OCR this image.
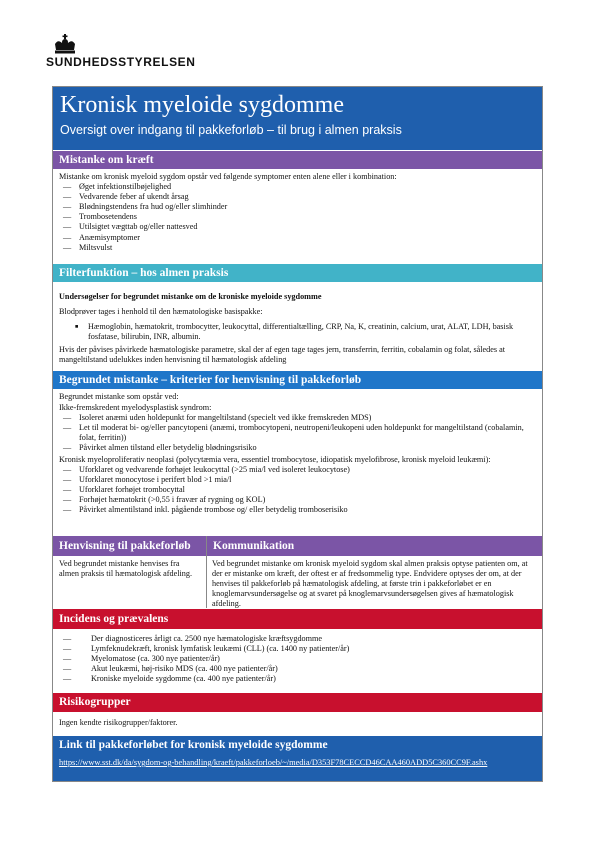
SUNDHEDSSTYRELSEN
Kronisk myeloide sygdomme
Oversigt over indgang til pakkeforløb – til brug i almen praksis
Mistanke om kræft

Mistanke om kronisk myeloid sygdom opstår ved følgende symptomer enten alene eller i kombination:

— Øget infektionstilbøjelighed

— Vedvarende feber af ukendt årsag

— Blødningstendens fra hud og/eller slimhinder

— Trombosetendens

— Utilsigtet vægttab og/eller nattesved

— Anæmisymptomer

— Miltsvulst

Filterfunktion – hos almen praksis

Undersøgelser for begrundet mistanke om de kroniske myeloide sygdomme

Blodprøver tages i henhold til den hæmatologiske basispakke:

■ Hæmoglobin, hæmatokrit, trombocytter, leukocyttal, differentialtælling, CRP, Na, K, creatinin, calcium, urat, ALAT, LDH, basisk fosfatase, bilirubin, INR, albumin.

Hvis der påvises påvirkede hæmatologiske parametre, skal der af egen tage tages jern, transferrin, ferritin, cobalamin og folat, således at mangeltilstand udelukkes inden henvisning til hæmatologisk afdeling

Begrundet mistanke – kriterier for henvisning til pakkeforløb

Begrundet mistanke som opstår ved:

Ikke-fremskredent myelodysplastisk syndrom:

— Isoleret anæmi uden holdepunkt for mangeltilstand (specielt ved ikke fremskreden MDS)

— Let til moderat bi- og/eller pancytopeni (anæmi, trombocytopeni, neutropeni/leukopeni uden holdepunkt for mangeltilstand (cobalamin, folat, ferritin))

— Påvirket almen tilstand eller betydelig blødningsrisiko

Kronisk myeloproliferativ neoplasi (polycytæmia vera, essentiel trombocytose, idiopatisk myelofibrose, kronisk myeloid leukæmi):

— Uforklaret og vedvarende forhøjet leukocyttal (>25 mia/l ved isoleret leukocytose)

— Uforklaret monocytose i perifert blod >1 mia/l

— Uforklaret forhøjet trombocyttal

— Forhøjet hæmatokrit (>0,55 i fravær af rygning og KOL)

— Påvirket almentilstand inkl. pågående trombose og/ eller betydelig tromboserisiko

Henvisning til pakkeforløb	Kommunikation
Ved begrundet mistanke henvises fra almen praksis til hæmatologisk afdeling.
Ved begrundet mistanke om kronisk myeloid sygdom skal almen praksis optyse patienten om, at der er mistanke om kræft, der oftest er af fredsommelig type. Endvidere optyses der om, at der henvises til pakkeforløb på hæmatologisk afdeling, at første trin i pakkeforløbet er en knoglemarvsundersøgelse og at svaret på knoglemarvsundersøgelsen gives af hæmatologisk afdeling.
Incidens og prævalens

— Der diagnosticeres årligt ca. 2500 nye hæmatologiske kræftsygdomme

— Lymfeknudekræft, kronisk lymfatisk leukæmi (CLL) (ca. 1400 ny patienter/år)

— Myelomatose (ca. 300 nye patienter/år)

— Akut leukæmi, høj-risiko MDS (ca. 400 nye patienter/år)

— Kroniske myeloide sygdomme (ca. 400 nye patienter/år)

Risikogrupper
Ingen kendte risikogrupper/faktorer.
Link til pakkeforløbet for kronisk myeloide sygdomme
https://www.sst.dk/da/sygdom-og-behandling/kraeft/pakkeforloeb/~/media/D353F78CECCD46CAA460ADD5C360CC9F.ashx
